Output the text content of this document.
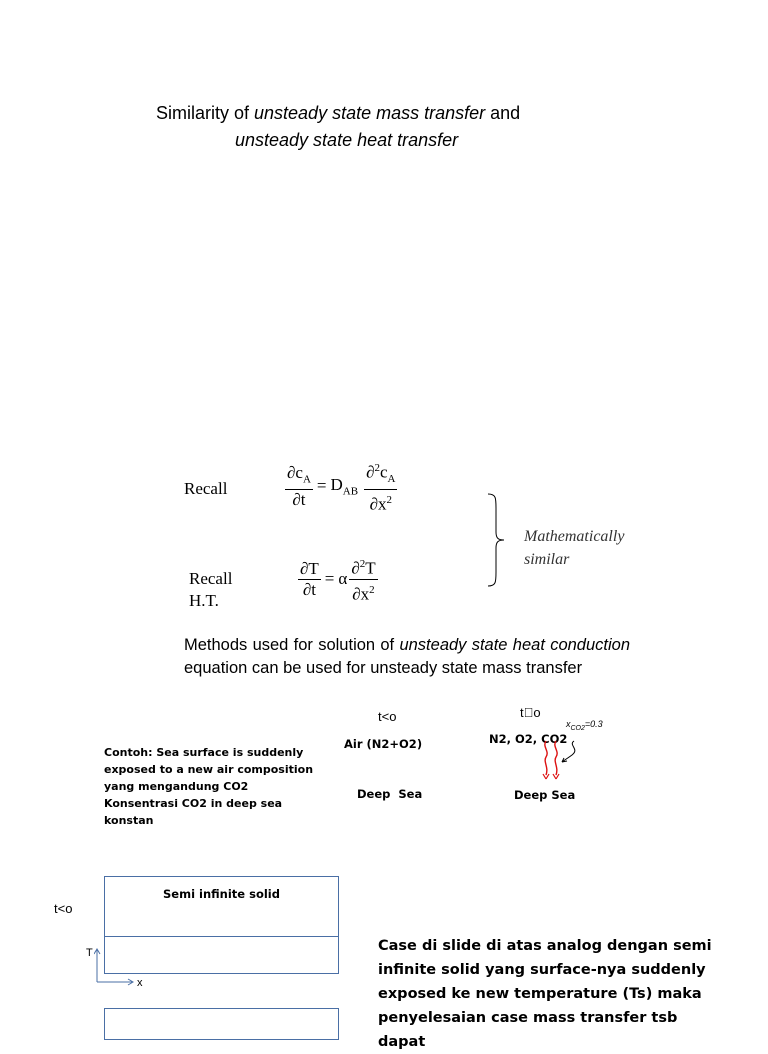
Similarity of unsteady state mass transfer and
unsteady state heat transfer
Recall	$\frac{\partial c_A}{\partial t} = D_{AB} \frac{\partial^2c_A}{\partial x^2}$
Mathematically
similar
Recall
H.T.
$\frac{\partial T}{\partial t} = \alpha \frac{\partial^2T}{\partial x^2}$
Methods used for solution of unsteady state heat conduction equation can be used for unsteady state mass transfer
t<o	t o
Air (N2+O2)	N2, O2, CO2
$x_{CO2}=0.3$
Deep  Sea	Deep Sea
Contoh: Sea surface is suddenly
exposed to a new air composition
yang mengandung CO2
Konsentrasi CO2 in deep sea
konstan
t<o
Semi infinite solid
T
x
Case di slide di atas analog dengan semi
infinite solid yang surface-nya suddenly
exposed ke new temperature (Ts) maka
penyelesaian case mass transfer tsb dapat
